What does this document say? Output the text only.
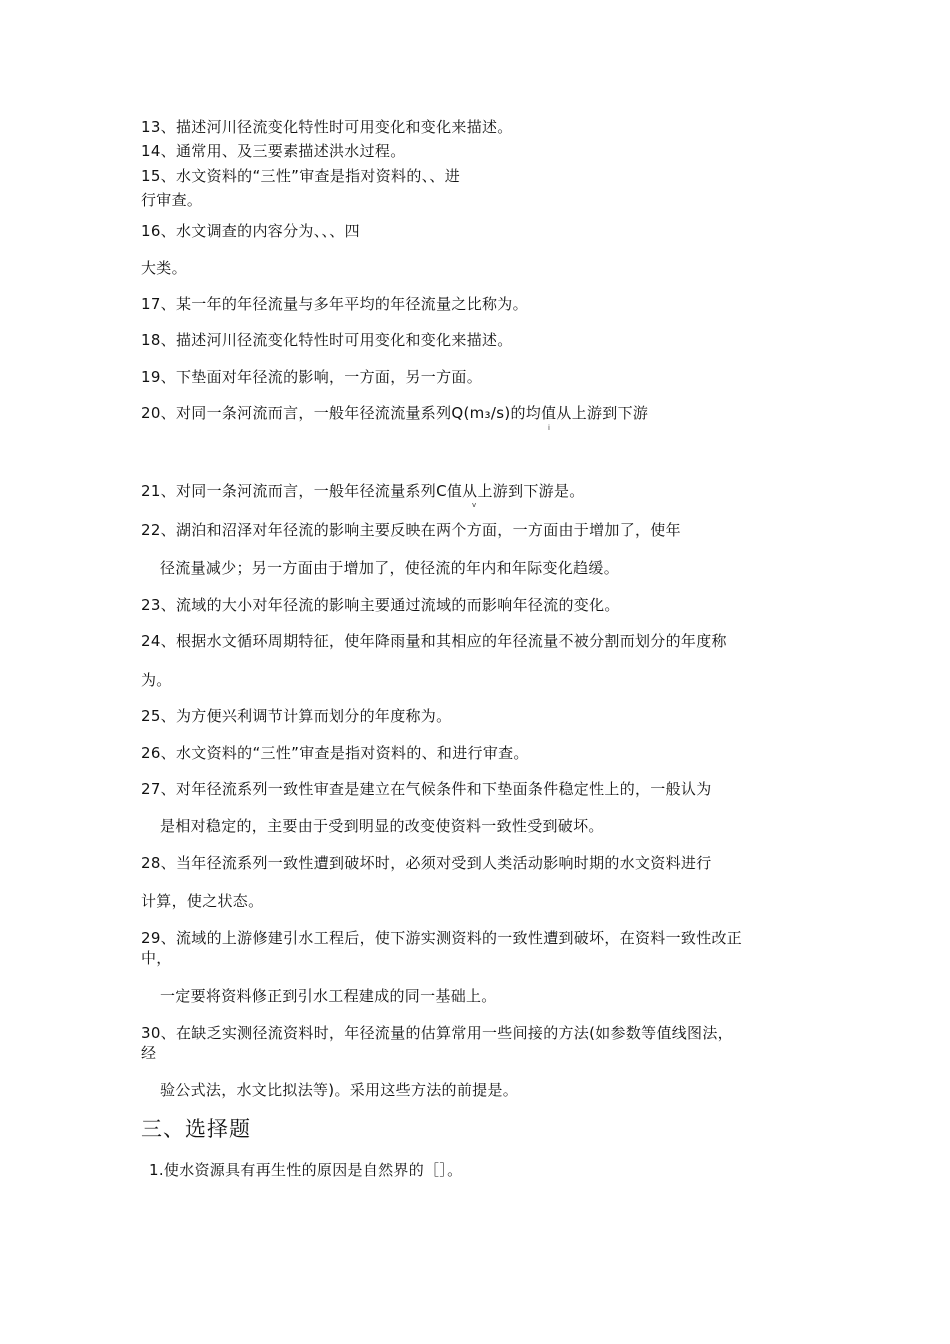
13、描述河川径流变化特性时可用变化和变化来描述。
14、通常用、及三要素描述洪水过程。
15、水文资料的“三性”审查是指对资料的、、进
行审查。
16、水文调查的内容分为、、、四
大类。
17、某一年的年径流量与多年平均的年径流量之比称为。
18、描述河川径流变化特性时可用变化和变化来描述。
19、下垫面对年径流的影响，一方面，另一方面。
20、对同一条河流而言，一般年径流流量系列Q(m₃/s)的均值从上游到下游
i
21、对同一条河流而言，一般年径流量系列C值从上游到下游是。
v
22、湖泊和沼泽对年径流的影响主要反映在两个方面，一方面由于增加了，使年
径流量减少；另一方面由于增加了，使径流的年内和年际变化趋缓。
23、流域的大小对年径流的影响主要通过流域的而影响年径流的变化。
24、根据水文循环周期特征，使年降雨量和其相应的年径流量不被分割而划分的年度称
为。
25、为方便兴利调节计算而划分的年度称为。
26、水文资料的“三性”审查是指对资料的、和进行审查。
27、对年径流系列一致性审查是建立在气候条件和下垫面条件稳定性上的，一般认为
是相对稳定的，主要由于受到明显的改变使资料一致性受到破坏。
28、当年径流系列一致性遭到破坏时，必须对受到人类活动影响时期的水文资料进行
计算，使之状态。
29、流域的上游修建引水工程后，使下游实测资料的一致性遭到破坏，在资料一致性改正
中，
一定要将资料修正到引水工程建成的同一基础上。
30、在缺乏实测径流资料时，年径流量的估算常用一些间接的方法(如参数等值线图法，
经
验公式法，水文比拟法等)。采用这些方法的前提是。
三、选择题
1.使水资源具有再生性的原因是自然界的［］。
